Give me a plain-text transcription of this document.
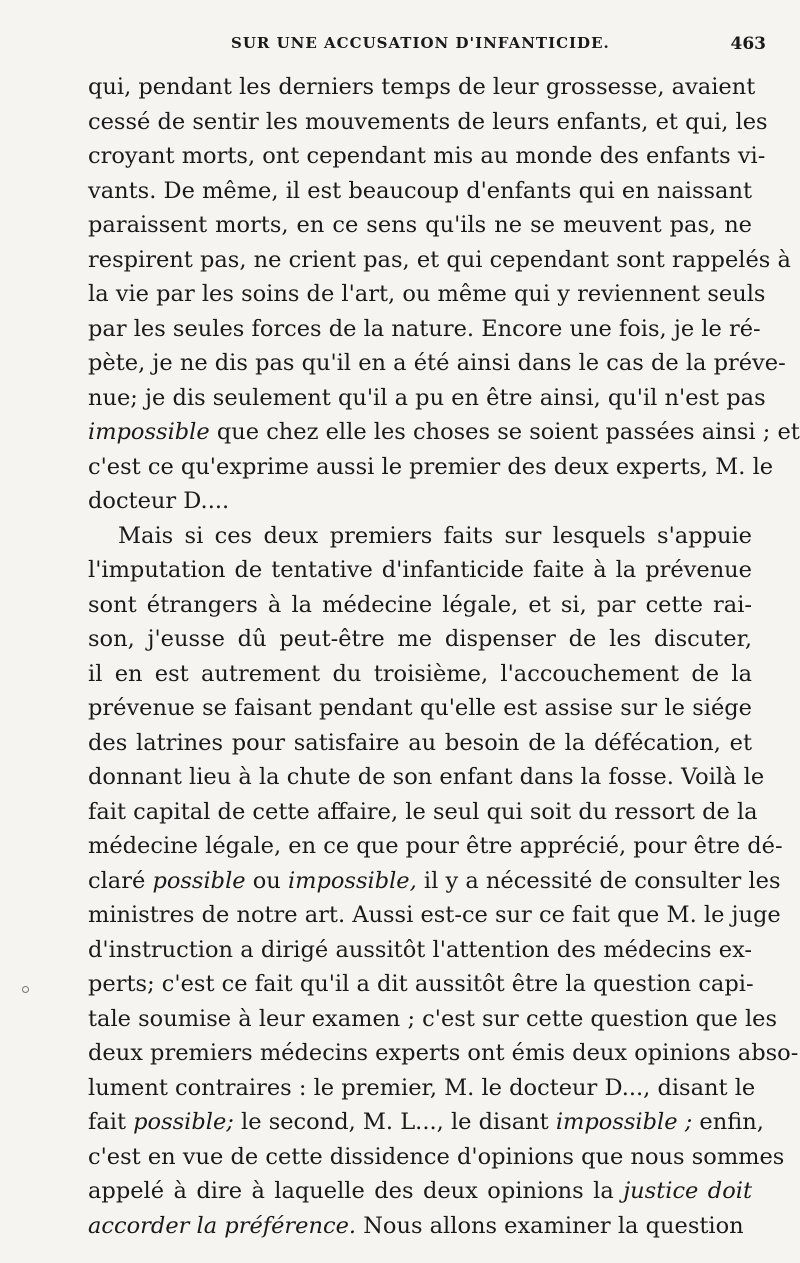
SUR UNE ACCUSATION D'INFANTICIDE.	463
qui, pendant les derniers temps de leur grossesse, avaient
cessé de sentir les mouvements de leurs enfants, et qui, les
croyant morts, ont cependant mis au monde des enfants vi-
vants. De même, il est beaucoup d'enfants qui en naissant
paraissent morts, en ce sens qu'ils ne se meuvent pas, ne
respirent pas, ne crient pas, et qui cependant sont rappelés à
la vie par les soins de l'art, ou même qui y reviennent seuls
par les seules forces de la nature. Encore une fois, je le ré-
pète, je ne dis pas qu'il en a été ainsi dans le cas de la préve-
nue; je dis seulement qu'il a pu en être ainsi, qu'il n'est pas
impossible que chez elle les choses se soient passées ainsi ; et
c'est ce qu'exprime aussi le premier des deux experts, M. le
docteur D....
Mais si ces deux premiers faits sur lesquels s'appuie
l'imputation de tentative d'infanticide faite à la prévenue
sont étrangers à la médecine légale, et si, par cette rai-
son, j'eusse dû peut-être me dispenser de les discuter,
il en est autrement du troisième, l'accouchement de la
prévenue se faisant pendant qu'elle est assise sur le siége
des latrines pour satisfaire au besoin de la défécation, et
donnant lieu à la chute de son enfant dans la fosse. Voilà le
fait capital de cette affaire, le seul qui soit du ressort de la
médecine légale, en ce que pour être apprécié, pour être dé-
claré possible ou impossible, il y a nécessité de consulter les
ministres de notre art. Aussi est-ce sur ce fait que M. le juge
d'instruction a dirigé aussitôt l'attention des médecins ex-
perts; c'est ce fait qu'il a dit aussitôt être la question capi-
tale soumise à leur examen ; c'est sur cette question que les
deux premiers médecins experts ont émis deux opinions abso-
lument contraires : le premier, M. le docteur D..., disant le
fait possible; le second, M. L..., le disant impossible ; enfin,
c'est en vue de cette dissidence d'opinions que nous sommes
appelé à dire à laquelle des deux opinions la justice doit
accorder la préférence. Nous allons examiner la question
